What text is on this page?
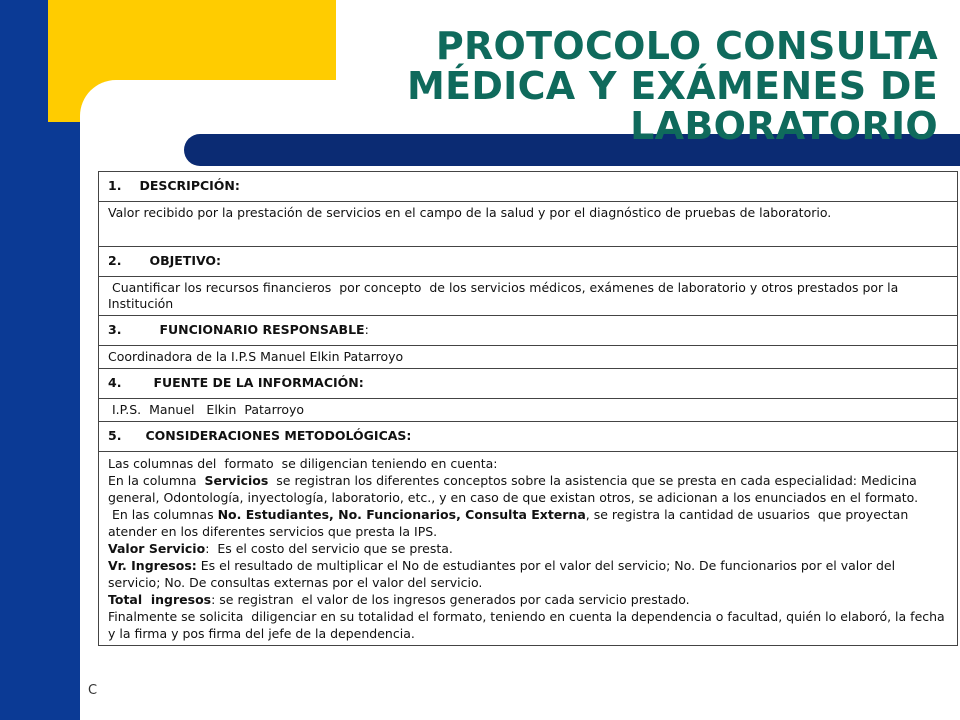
PROTOCOLO CONSULTA MÉDICA Y EXÁMENES DE LABORATORIO
C
1. DESCRIPCIÓN:
Valor recibido por la prestación de servicios en el campo de la salud y por el diagnóstico de pruebas de laboratorio.
2. OBJETIVO:
Cuantificar los recursos financieros  por concepto  de los servicios médicos, exámenes de laboratorio y otros prestados por la  Institución
3.	FUNCIONARIO RESPONSABLE:
Coordinadora de la I.P.S Manuel Elkin Patarroyo
4.	FUENTE DE LA INFORMACIÓN:
I.P.S.  Manuel   Elkin  Patarroyo
5. CONSIDERACIONES METODOLÓGICAS:

Las columnas del  formato  se diligencian teniendo en cuenta:
En la columna  Servicios  se registran los diferentes conceptos sobre la asistencia que se presta en cada especialidad: Medicina general, Odontología, inyectología, laboratorio, etc., y en caso de que existan otros, se adicionan a los enunciados en el formato.
En las columnas No. Estudiantes, No. Funcionarios, Consulta Externa, se registra la cantidad de usuarios  que proyectan atender en los diferentes servicios que presta la IPS.
Valor Servicio:  Es el costo del servicio que se presta.
Vr. Ingresos: Es el resultado de multiplicar el No de estudiantes por el valor del servicio; No. De funcionarios por el valor del servicio; No. De consultas externas por el valor del servicio.
Total  ingresos: se registran  el valor de los ingresos generados por cada servicio prestado.
Finalmente se solicita  diligenciar en su totalidad el formato, teniendo en cuenta la dependencia o facultad, quién lo elaboró, la fecha  y la firma y pos firma del jefe de la dependencia.
